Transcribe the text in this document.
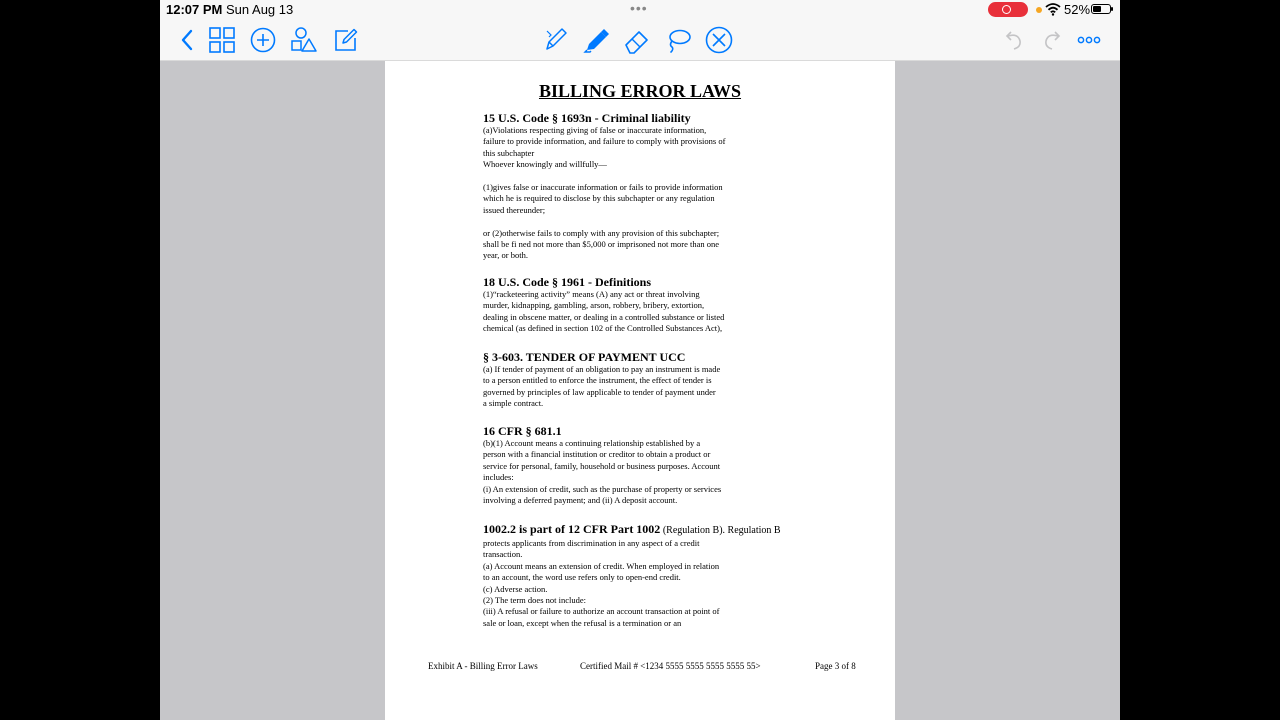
12:07 PM Sun Aug 13	•••	52%
BILLING ERROR LAWS

15 U.S. Code § 1693n - Criminal liability

(a)Violations respecting giving of false or inaccurate information,
failure to provide information, and failure to comply with provisions of
this subchapter
Whoever knowingly and willfully—

(1)gives false or inaccurate information or fails to provide information
which he is required to disclose by this subchapter or any regulation
issued thereunder;

or (2)otherwise fails to comply with any provision of this subchapter;
shall be fi ned not more than $5,000 or imprisoned not more than one
year, or both.

18 U.S. Code § 1961 - Definitions

(1)“racketeering activity” means (A) any act or threat involving
murder, kidnapping, gambling, arson, robbery, bribery, extortion,
dealing in obscene matter, or dealing in a controlled substance or listed
chemical (as defined in section 102 of the Controlled Substances Act),

§ 3-603. TENDER OF PAYMENT UCC

(a) If tender of payment of an obligation to pay an instrument is made
to a person entitled to enforce the instrument, the effect of tender is
governed by principles of law applicable to tender of payment under
a simple contract.

16 CFR § 681.1

(b)(1) Account means a continuing relationship established by a
person with a financial institution or creditor to obtain a product or
service for personal, family, household or business purposes. Account
includes:
(i) An extension of credit, such as the purchase of property or services
involving a deferred payment; and (ii) A deposit account.

1002.2 is part of 12 CFR Part 1002 (Regulation B). Regulation B

protects applicants from discrimination in any aspect of a credit
transaction.
(a) Account means an extension of credit. When employed in relation
to an account, the word use refers only to open-end credit.
(c) Adverse action.
(2) The term does not include:
(iii) A refusal or failure to authorize an account transaction at point of
sale or loan, except when the refusal is a termination or an

Exhibit A - Billing Error Laws	Certified Mail # <1234 5555 5555 5555 5555 55>	Page 3 of 8
